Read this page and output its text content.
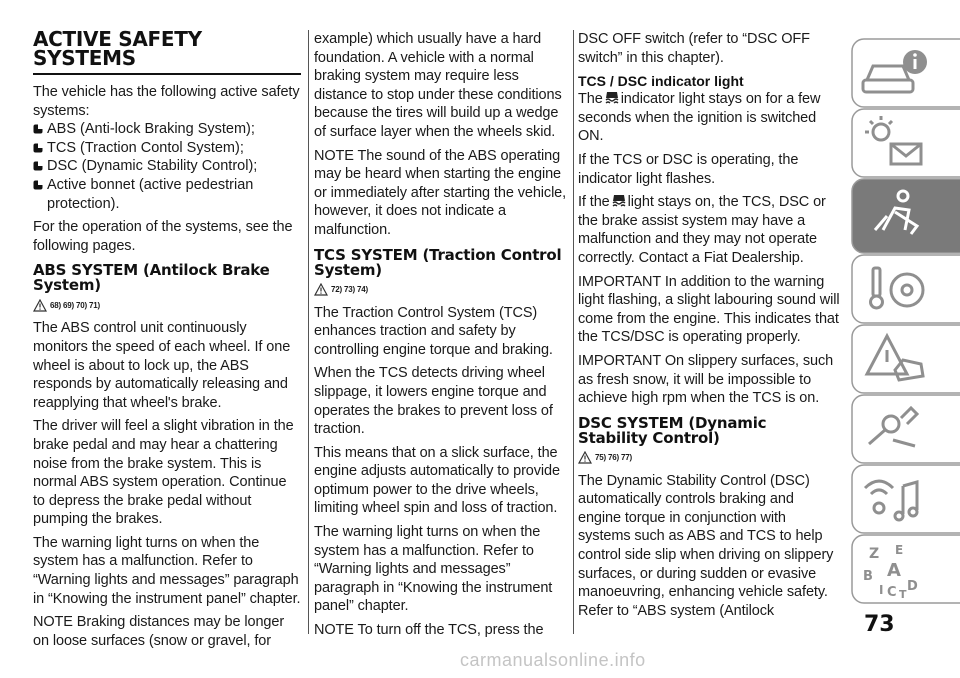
ACTIVE SAFETY SYSTEMS

The vehicle has the following active safety systems:

ABS (Anti-lock Braking System);
TCS (Traction Contol System);
DSC (Dynamic Stability Control);
Active bonnet (active pedestrian protection).

For the operation of the systems, see the following pages.

ABS SYSTEM (Antilock Brake System)
68) 69) 70) 71)

The ABS control unit continuously monitors the speed of each wheel. If one wheel is about to lock up, the ABS responds by automatically releasing and reapplying that wheel's brake.

The driver will feel a slight vibration in the brake pedal and may hear a chattering noise from the brake system. This is normal ABS system operation. Continue to depress the brake pedal without pumping the brakes.

The warning light turns on when the system has a malfunction. Refer to “Warning lights and messages” paragraph in “Knowing the instrument panel” chapter.

NOTE Braking distances may be longer on loose surfaces (snow or gravel, for

example) which usually have a hard foundation. A vehicle with a normal braking system may require less distance to stop under these conditions because the tires will build up a wedge of surface layer when the wheels skid.

NOTE The sound of the ABS operating may be heard when starting the engine or immediately after starting the vehicle, however, it does not indicate a malfunction.

TCS SYSTEM (Traction Control System)
72) 73) 74)

The Traction Control System (TCS) enhances traction and safety by controlling engine torque and braking.

When the TCS detects driving wheel slippage, it lowers engine torque and operates the brakes to prevent loss of traction.

This means that on a slick surface, the engine adjusts automatically to provide optimum power to the drive wheels, limiting wheel spin and loss of traction.

The warning light turns on when the system has a malfunction. Refer to “Warning lights and messages” paragraph in “Knowing the instrument panel” chapter.

NOTE To turn off the TCS, press the

DSC OFF switch (refer to “DSC OFF switch” in this chapter).

TCS / DSC indicator light

The indicator light stays on for a few seconds when the ignition is switched ON.

If the TCS or DSC is operating, the indicator light flashes.

If the light stays on, the TCS, DSC or the brake assist system may have a malfunction and they may not operate correctly. Contact a Fiat Dealership.

IMPORTANT In addition to the warning light flashing, a slight labouring sound will come from the engine. This indicates that the TCS/DSC is operating properly.

IMPORTANT On slippery surfaces, such as fresh snow, it will be impossible to achieve high rpm when the TCS is on.

DSC SYSTEM (Dynamic Stability Control)
75) 76) 77)

The Dynamic Stability Control (DSC) automatically controls braking and engine torque in conjunction with systems such as ABS and TCS to help control side slip when driving on slippery surfaces, or during sudden or evasive manoeuvring, enhancing vehicle safety. Refer to “ABS system (Antilock

Z E
B A
I C D
T
73
carmanualsonline.info
